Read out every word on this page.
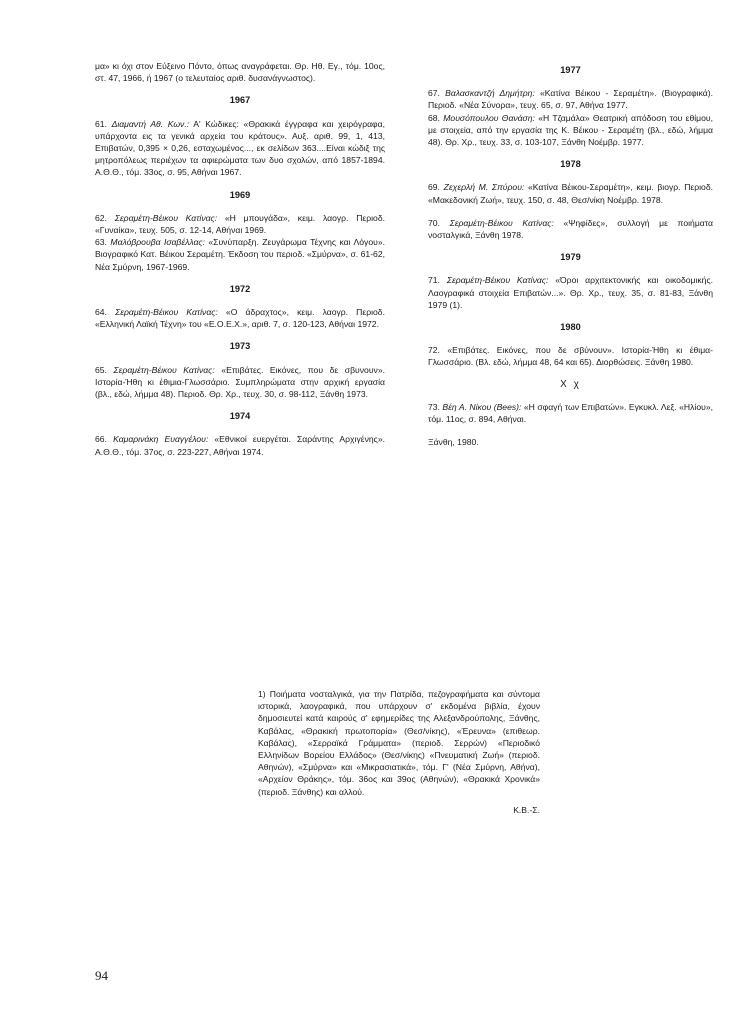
μα» κι όχι στον Εύξεινο Πόντο, όπως αναγράφεται. Θρ. Ηθ. Εγ., τόμ. 10ος, στ. 47, 1966, ή 1967 (ο τελευταίος αριθ. δυσανάγνωστος).

1967

61. Διαμαντή Αθ. Κων.: Α' Κώδικες: «Θρακικά έγγραφα και χειρόγραφα, υπάρχοντα εις τα γενικά αρχεία του κράτους». Αυξ. αριθ. 99, 1, 413, Επιβατών, 0,395 × 0,26, εσταχωμένος..., εκ σελίδων 363....Είναι κώδιξ της μητροπόλεως περιέχων τα αφιερώματα των δυο σχολών, από 1857-1894. Α.Θ.Θ., τόμ. 33ος, σ. 95, Αθήναι 1967.

1969

62. Σεραμέτη-Βέικου Κατίνας: «Η μπουγάδα», κειμ. λαογρ. Περιοδ. «Γυναίκα», τευχ. 505, σ. 12-14, Αθήναι 1969.

63. Μαλόβρουβα Ισαβέλλας: «Συνύπαρξη. Ζευγάρωμα Τέχνης και Λόγου». Βιογραφικό Κατ. Βέικου Σεραμέτη. Έκδοση του περιοδ. «Σμύρνα», σ. 61-62, Νέα Σμύρνη, 1967-1969.

1972

64. Σεραμέτη-Βέικου Κατίνας: «Ο άδραχτος», κειμ. λαογρ. Περιοδ. «Ελληνική Λαϊκή Τέχνη» του «Ε.Ο.Ε.Χ.», αριθ. 7, σ. 120-123, Αθήναι 1972.

1973

65. Σεραμέτη-Βέικου Κατίνας: «Επιβάτες. Εικόνες, που δε σβυνουν». Ιστορία-Ήθη κι έθιμια-Γλωσσάριο. Συμπληρώματα στην αρχική εργασία (βλ., εδώ, λήμμα 48). Περιοδ. Θρ. Χρ., τευχ. 30, σ. 98-112, Ξάνθη 1973.

1974

66. Καμαρινάκη Ευαγγέλου: «Εθνικοί ευεργέται. Σαράντης Αρχιγένης». Α.Θ.Θ., τόμ. 37ος, σ. 223-227, Αθήναι 1974.

1977

67. Βαλασκαντζή Δημήτρη: «Κατίνα Βέικου - Σεραμέτη». (Βιογραφικά). Περιοδ. «Νέα Σύνορα», τευχ. 65, σ. 97, Αθήνα 1977.

68. Μουσόπουλου Θανάση: «Η Τζαμάλα» Θεατρική απόδοση του εθίμου, με στοιχεία, από την εργασία της Κ. Βέικου - Σεραμέτη (βλ., εδώ, λήμμα 48). Θρ. Χρ., τευχ. 33, σ. 103-107, Ξάνθη Νοέμβρ. 1977.

1978

69. Ζεχερλή Μ. Σπύρου: «Κατίνα Βέικου-Σεραμέτη», κειμ. βιογρ. Περιοδ. «Μακεδονική Ζωή», τευχ. 150, σ. 48, Θεσ/νίκη Νοέμβρ. 1978.

70. Σεραμέτη-Βέικου Κατίνας: «Ψηφίδες», συλλογή με ποιήματα νοσταλγικά, Ξάνθη 1978.

1979

71. Σεραμέτη-Βέικου Κατίνας: «Όροι αρχιτεκτονικής και οικοδομικής. Λαογραφικά στοιχεία Επιβατών...». Θρ. Χρ., τευχ. 35, σ. 81-83, Ξάνθη 1979 (1).

1980

72. «Επιβάτες. Εικόνες, που δε σβύνουν». Ιστορία-Ήθη κι έθιμα-Γλωσσάριο. (Βλ. εδώ, λήμμα 48, 64 και 65). Διορθώσεις. Ξάνθη 1980.

Χ χ

73. Βέη Α. Νίκου (Bees): «Η σφαγή των Επιβατών». Εγκυκλ. Λεξ. «Ηλίου», τόμ. 11ος, σ. 894, Αθήναι.

Ξάνθη, 1980.

1) Ποιήματα νοσταλγικά, για την Πατρίδα, πεζογραφήματα και σύντομα ιστορικά, λαογραφικά, που υπάρχουν σ' εκδομένα βιβλία, έχουν δημοσιευτεί κατά καιρούς σ' εφημερίδες της Αλεξανδρούπολης, Ξάνθης, Καβάλας, «Θρακική πρωτοπορία» (Θεσ/νίκης), «Έρευνα» (επιθεωρ. Καβάλας), «Σερραϊκά Γράμματα» (περιοδ. Σερρών) «Περιοδικό Ελληνίδων Βορείου Ελλάδος» (Θεσ/νίκης) «Πνευματική Ζωή» (περιοδ. Αθηνών), «Σμύρνα» και «Μικρασιατικά», τόμ. Γ' (Νέα Σμύρνη, Αθήνα), «Αρχείον Θράκης», τόμ. 36ος και 39ος (Αθηνών), «Θρακικά Χρονικά» (περιοδ. Ξάνθης) και αλλού.

Κ.Β.-Σ.
94
